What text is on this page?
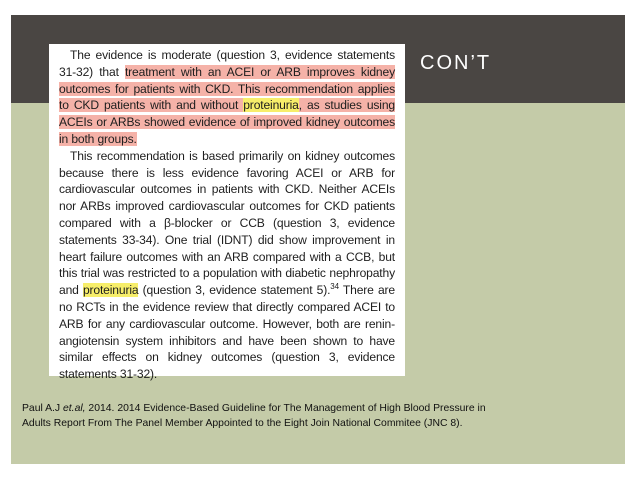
CON’T

The evidence is moderate (question 3, evidence statements 31-32) that treatment with an ACEI or ARB improves kidney outcomes for patients with CKD. This recommendation applies to CKD patients with and without proteinuria, as studies using ACEIs or ARBs showed evidence of improved kidney outcomes in both groups.

This recommendation is based primarily on kidney outcomes because there is less evidence favoring ACEI or ARB for cardiovascular outcomes in patients with CKD. Neither ACEIs nor ARBs improved cardiovascular outcomes for CKD patients compared with a β-blocker or CCB (question 3, evidence statements 33-34). One trial (IDNT) did show improvement in heart failure outcomes with an ARB compared with a CCB, but this trial was restricted to a population with diabetic nephropathy and proteinuria (question 3, evidence statement 5).$^{34}$ There are no RCTs in the evidence review that directly compared ACEI to ARB for any cardiovascular outcome. However, both are renin-angiotensin system inhibitors and have been shown to have similar effects on kidney outcomes (question 3, evidence statements 31-32).

Paul A.J et.al, 2014. 2014 Evidence-Based Guideline for The Management of High Blood Pressure in Adults Report From The Panel Member Appointed to the Eight Join National Commitee (JNC 8).
